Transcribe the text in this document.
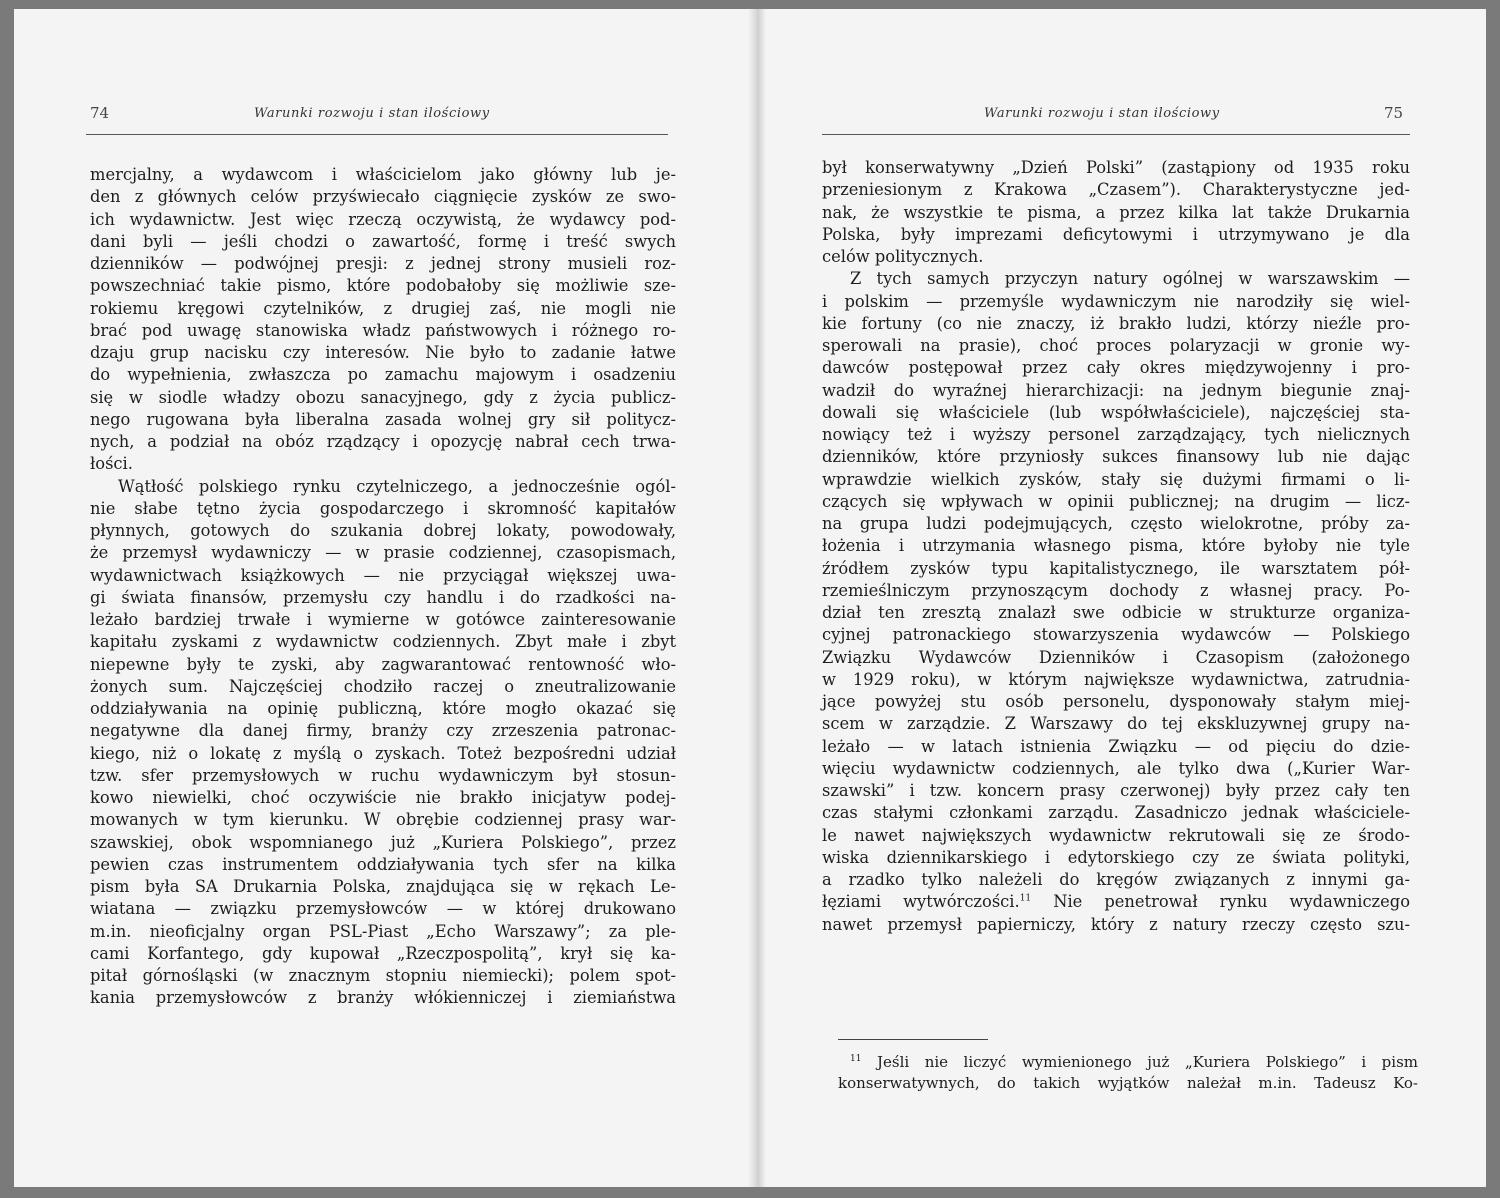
74	Warunki rozwoju i stan ilościowy
mercjalny, a wydawcom i właścicielom jako główny lub je-
den z głównych celów przyświecało ciągnięcie zysków ze swo-
ich wydawnictw. Jest więc rzeczą oczywistą, że wydawcy pod-
dani byli — jeśli chodzi o zawartość, formę i treść swych
dzienników — podwójnej presji: z jednej strony musieli roz-
powszechniać takie pismo, które podobałoby się możliwie sze-
rokiemu kręgowi czytelników, z drugiej zaś, nie mogli nie
brać pod uwagę stanowiska władz państwowych i różnego ro-
dzaju grup nacisku czy interesów. Nie było to zadanie łatwe
do wypełnienia, zwłaszcza po zamachu majowym i osadzeniu
się w siodle władzy obozu sanacyjnego, gdy z życia publicz-
nego rugowana była liberalna zasada wolnej gry sił politycz-
nych, a podział na obóz rządzący i opozycję nabrał cech trwa-
łości.
Wątłość polskiego rynku czytelniczego, a jednocześnie ogól-
nie słabe tętno życia gospodarczego i skromność kapitałów
płynnych, gotowych do szukania dobrej lokaty, powodowały,
że przemysł wydawniczy — w prasie codziennej, czasopismach,
wydawnictwach książkowych — nie przyciągał większej uwa-
gi świata finansów, przemysłu czy handlu i do rzadkości na-
leżało bardziej trwałe i wymierne w gotówce zainteresowanie
kapitału zyskami z wydawnictw codziennych. Zbyt małe i zbyt
niepewne były te zyski, aby zagwarantować rentowność wło-
żonych sum. Najczęściej chodziło raczej o zneutralizowanie
oddziaływania na opinię publiczną, które mogło okazać się
negatywne dla danej firmy, branży czy zrzeszenia patronac-
kiego, niż o lokatę z myślą o zyskach. Toteż bezpośredni udział
tzw. sfer przemysłowych w ruchu wydawniczym był stosun-
kowo niewielki, choć oczywiście nie brakło inicjatyw podej-
mowanych w tym kierunku. W obrębie codziennej prasy war-
szawskiej, obok wspomnianego już „Kuriera Polskiego”, przez
pewien czas instrumentem oddziaływania tych sfer na kilka
pism była SA Drukarnia Polska, znajdująca się w rękach Le-
wiatana — związku przemysłowców — w której drukowano
m.in. nieoficjalny organ PSL-Piast „Echo Warszawy”; za ple-
cami Korfantego, gdy kupował „Rzeczpospolitą”, krył się ka-
pitał górnośląski (w znacznym stopniu niemiecki); polem spot-
kania przemysłowców z branży włókienniczej i ziemiaństwa
Warunki rozwoju i stan ilościowy	75
był konserwatywny „Dzień Polski” (zastąpiony od 1935 roku
przeniesionym z Krakowa „Czasem”). Charakterystyczne jed-
nak, że wszystkie te pisma, a przez kilka lat także Drukarnia
Polska, były imprezami deficytowymi i utrzymywano je dla
celów politycznych.
Z tych samych przyczyn natury ogólnej w warszawskim —
i polskim — przemyśle wydawniczym nie narodziły się wiel-
kie fortuny (co nie znaczy, iż brakło ludzi, którzy nieźle pro-
sperowali na prasie), choć proces polaryzacji w gronie wy-
dawców postępował przez cały okres międzywojenny i pro-
wadził do wyraźnej hierarchizacji: na jednym biegunie znaj-
dowali się właściciele (lub współwłaściciele), najczęściej sta-
nowiący też i wyższy personel zarządzający, tych nielicznych
dzienników, które przyniosły sukces finansowy lub nie dając
wprawdzie wielkich zysków, stały się dużymi firmami o li-
czących się wpływach w opinii publicznej; na drugim — licz-
na grupa ludzi podejmujących, często wielokrotne, próby za-
łożenia i utrzymania własnego pisma, które byłoby nie tyle
źródłem zysków typu kapitalistycznego, ile warsztatem pół-
rzemieślniczym przynoszącym dochody z własnej pracy. Po-
dział ten zresztą znalazł swe odbicie w strukturze organiza-
cyjnej patronackiego stowarzyszenia wydawców — Polskiego
Związku Wydawców Dzienników i Czasopism (założonego
w 1929 roku), w którym największe wydawnictwa, zatrudnia-
jące powyżej stu osób personelu, dysponowały stałym miej-
scem w zarządzie. Z Warszawy do tej ekskluzywnej grupy na-
leżało — w latach istnienia Związku — od pięciu do dzie-
więciu wydawnictw codziennych, ale tylko dwa („Kurier War-
szawski” i tzw. koncern prasy czerwonej) były przez cały ten
czas stałymi członkami zarządu. Zasadniczo jednak właściciele-
le nawet największych wydawnictw rekrutowali się ze środo-
wiska dziennikarskiego i edytorskiego czy ze świata polityki,
a rzadko tylko należeli do kręgów związanych z innymi ga-
łęziami wytwórczości.$^{11}$ Nie penetrował rynku wydawniczego
nawet przemysł papierniczy, który z natury rzeczy często szu-
$^{11}$ Jeśli nie liczyć wymienionego już „Kuriera Polskiego” i pism
konserwatywnych, do takich wyjątków należał m.in. Tadeusz Ko-
